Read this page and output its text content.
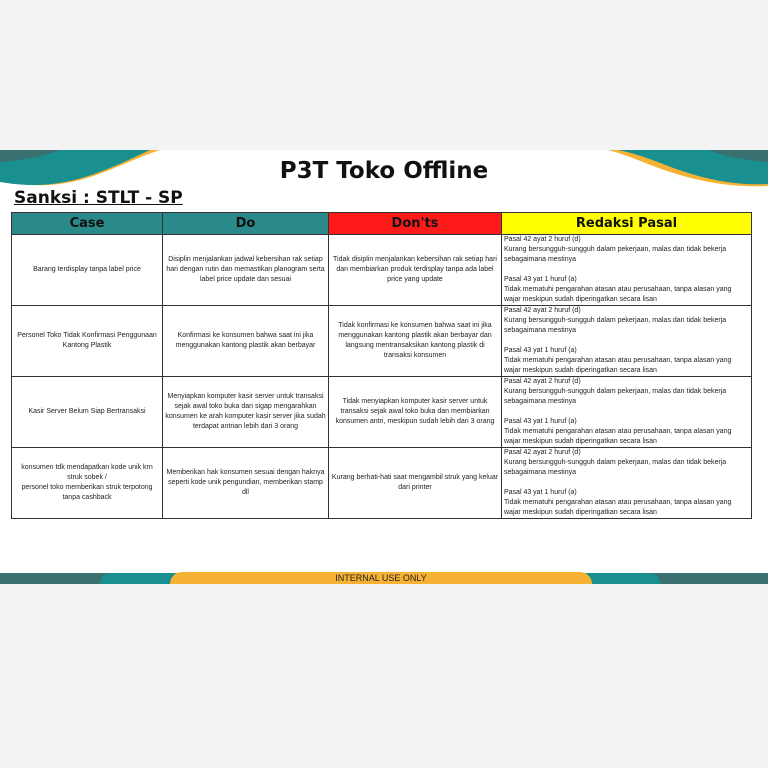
P3T Toko Offline
Sanksi : STLT - SP
Case	Do	Don'ts	Redaksi Pasal
Barang terdisplay tanpa label price	Disiplin menjalankan jadwal kebersihan rak setiap hari dengan rutin dan memastikan planogram serta label price update dan sesuai	Tidak disiplin menjalankan kebersihan rak setiap hari dan membiarkan produk terdisplay tanpa ada label price yang update	Pasal 42 ayat 2 huruf (d)
Kurang bersungguh-sungguh dalam pekerjaan, malas dan tidak bekerja sebagaimana mestinya

Pasal 43 yat 1 huruf (a)
Tidak mematuhi pengarahan atasan atau perusahaan, tanpa alasan yang wajar meskipun sudah diperingatkan secara lisan
Personel Toko Tidak Konfirmasi Penggunaan Kantong Plastik	Konfirmasi ke konsumen bahwa saat ini jika menggunakan kantong plastik akan berbayar	Tidak konfirmasi ke konsumen bahwa saat ini jika menggunakan kantong plastik akan berbayar dan langsung mentransaksikan kantong plastik di transaksi konsumen	Pasal 42 ayat 2 huruf (d)
Kurang bersungguh-sungguh dalam pekerjaan, malas dan tidak bekerja sebagaimana mestinya

Pasal 43 yat 1 huruf (a)
Tidak mematuhi pengarahan atasan atau perusahaan, tanpa alasan yang wajar meskipun sudah diperingatkan secara lisan
Kasir Server Belum Siap Bertransaksi	Menyiapkan komputer kasir server untuk transaksi sejak awal toko buka dan sigap mengarahkan konsumen ke arah komputer kasir server jika sudah terdapat antrian lebih dari 3 orang	Tidak menyiapkan komputer kasir server untuk transaksi sejak awal toko buka dan membiarkan konsumen antri, meskipun sudah lebih dari 3 orang	Pasal 42 ayat 2 huruf (d)
Kurang bersungguh-sungguh dalam pekerjaan, malas dan tidak bekerja sebagaimana mestinya

Pasal 43 yat 1 huruf (a)
Tidak mematuhi pengarahan atasan atau perusahaan, tanpa alasan yang wajar meskipun sudah diperingatkan secara lisan
konsumen tdk mendapatkan kode unik krn struk sobek /
personel toko memberikan struk terpotong tanpa cashback	Memberikan hak konsumen sesuai dengan haknya seperti kode unik pengundian, memberikan stamp dll	Kurang berhati-hati saat mengambil struk yang keluar dari printer	Pasal 42 ayat 2 huruf (d)
Kurang bersungguh-sungguh dalam pekerjaan, malas dan tidak bekerja sebagaimana mestinya

Pasal 43 yat 1 huruf (a)
Tidak mematuhi pengarahan atasan atau perusahaan, tanpa alasan yang wajar meskipun sudah diperingatkan secara lisan
INTERNAL USE ONLY
